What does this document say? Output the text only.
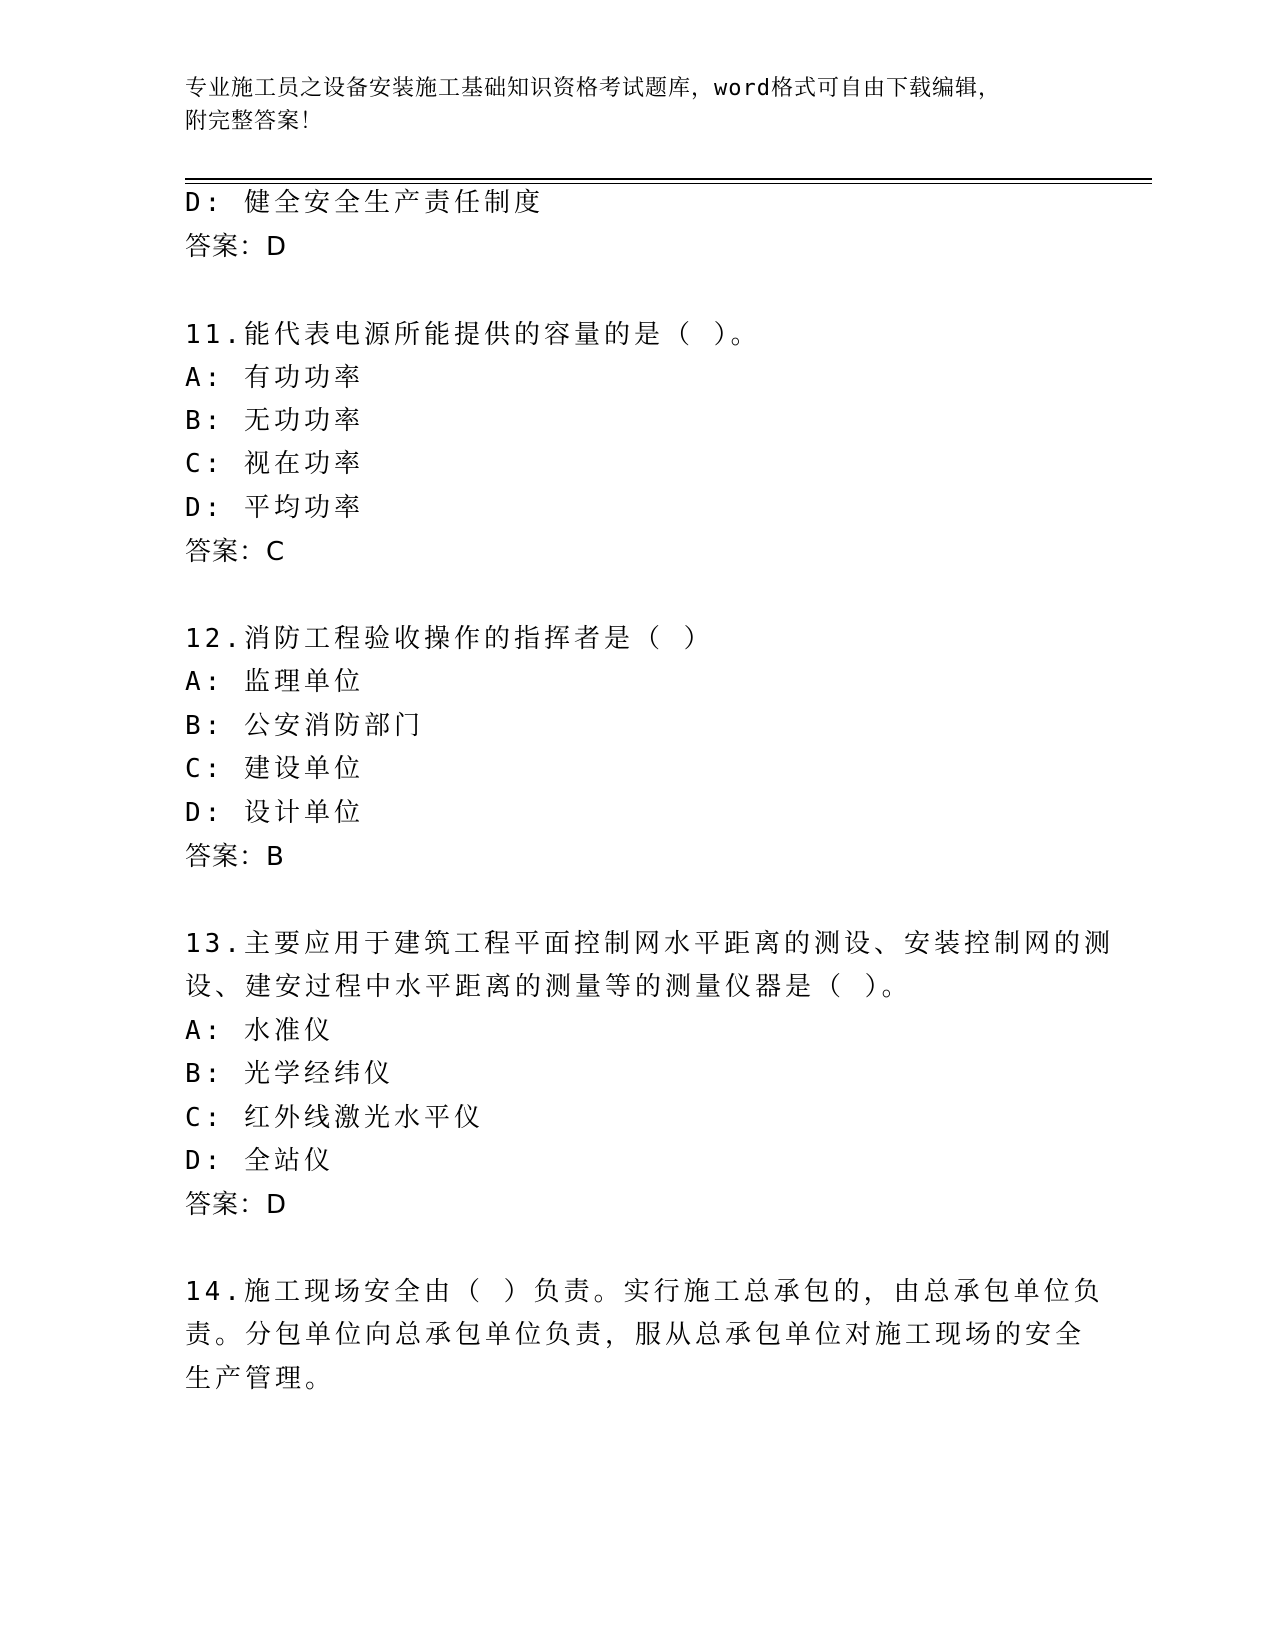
专业施工员之设备安装施工基础知识资格考试题库，word格式可自由下载编辑，
附完整答案！
D: 健全安全生产责任制度
答案：D
11.能代表电源所能提供的容量的是（ ）。
A: 有功功率
B: 无功功率
C: 视在功率
D: 平均功率
答案：C
12.消防工程验收操作的指挥者是（ ）
A: 监理单位
B: 公安消防部门
C: 建设单位
D: 设计单位
答案：B
13.主要应用于建筑工程平面控制网水平距离的测设、安装控制网的测
设、建安过程中水平距离的测量等的测量仪器是（ ）。
A: 水准仪
B: 光学经纬仪
C: 红外线激光水平仪
D: 全站仪
答案：D
14.施工现场安全由（ ）负责。实行施工总承包的，由总承包单位负
责。分包单位向总承包单位负责，服从总承包单位对施工现场的安全
生产管理。
